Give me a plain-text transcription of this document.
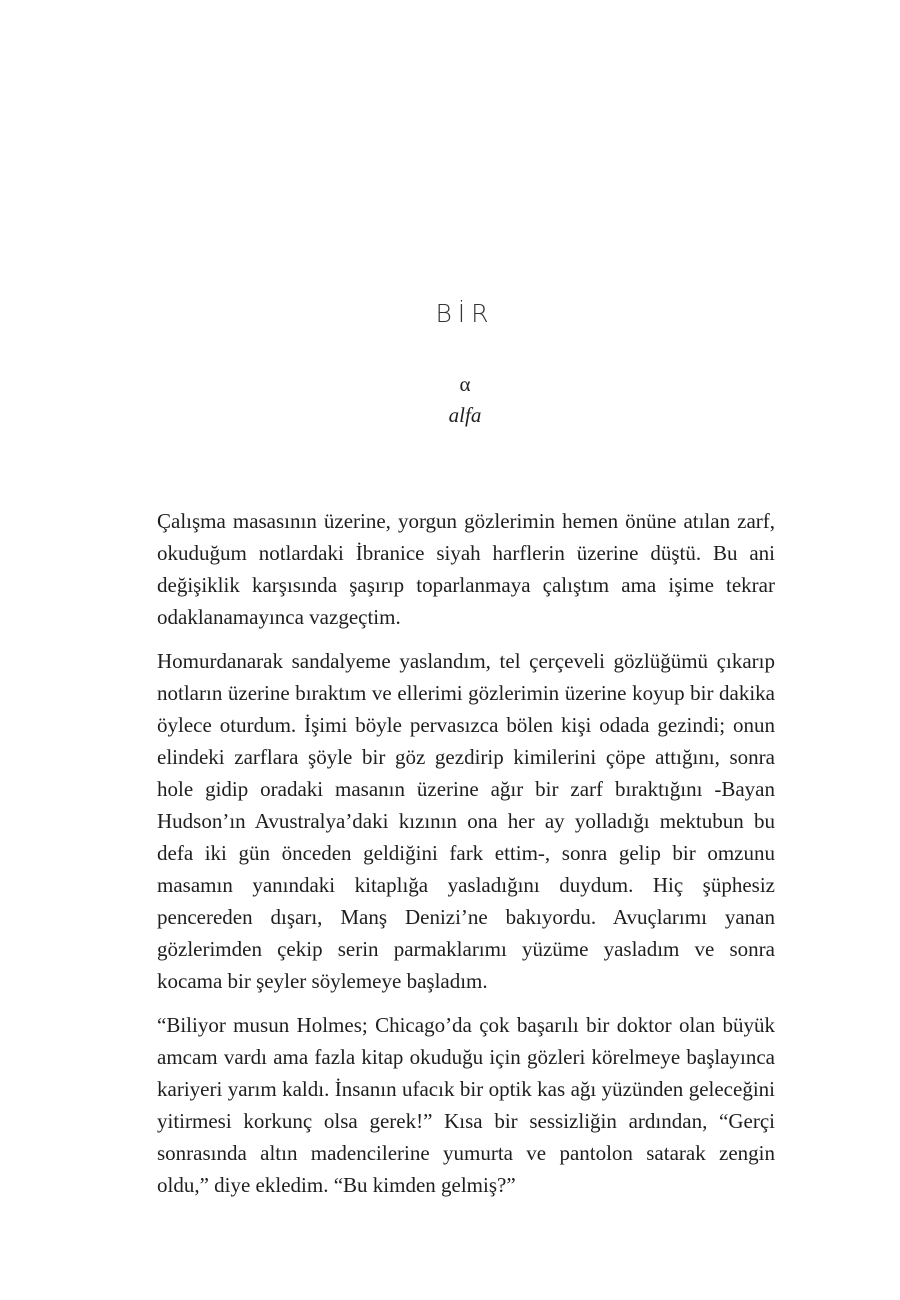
BİR
α
alfa

Çalışma masasının üzerine, yorgun gözlerimin hemen önüne atılan zarf, okuduğum notlardaki İbranice siyah harflerin üzerine düştü. Bu ani değişiklik karşısında şaşırıp toparlanmaya çalıştım ama işime tekrar odaklanamayınca vazgeçtim.

Homurdanarak sandalyeme yaslandım, tel çerçeveli gözlüğümü çıkarıp notların üzerine bıraktım ve ellerimi gözlerimin üzerine koyup bir dakika öylece oturdum. İşimi böyle pervasızca bölen kişi odada gezindi; onun elindeki zarflara şöyle bir göz gezdirip kimilerini çöpe attığını, sonra hole gidip oradaki masanın üzerine ağır bir zarf bıraktığını -Bayan Hudson’ın Avustralya’daki kızının ona her ay yolladığı mektubun bu defa iki gün önceden geldiğini fark ettim-, sonra gelip bir omzunu masamın yanındaki kitaplığa yasladığını duydum. Hiç şüphesiz pencereden dışarı, Manş Denizi’ne bakıyordu. Avuçlarımı yanan gözlerimden çekip serin parmaklarımı yüzüme yasladım ve sonra kocama bir şeyler söylemeye başladım.

“Biliyor musun Holmes; Chicago’da çok başarılı bir doktor olan büyük amcam vardı ama fazla kitap okuduğu için gözleri körelmeye başlayınca kariyeri yarım kaldı. İnsanın ufacık bir optik kas ağı yüzünden geleceğini yitirmesi korkunç olsa gerek!” Kısa bir sessizliğin ardından, “Gerçi sonrasında altın madencilerine yumurta ve pantolon satarak zengin oldu,” diye ekledim. “Bu kimden gelmiş?”
